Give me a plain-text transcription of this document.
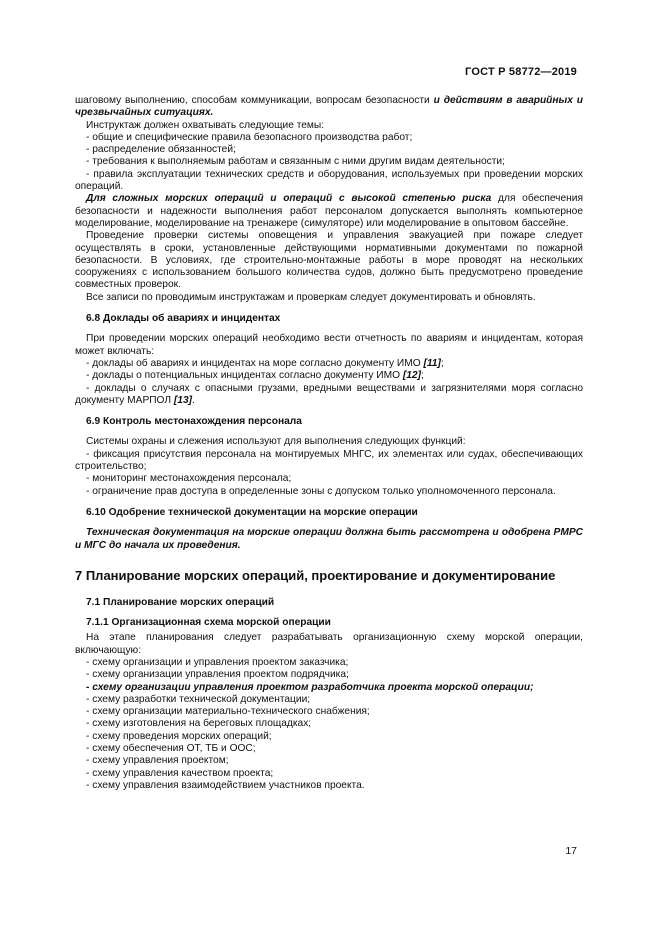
ГОСТ Р 58772—2019

шаговому выполнению, способам коммуникации, вопросам безопасности и действиям в аварийных и чрезвычайных ситуациях.

Инструктаж должен охватывать следующие темы:

- общие и специфические правила безопасного производства работ;

- распределение обязанностей;

- требования к выполняемым работам и связанным с ними другим видам деятельности;

- правила эксплуатации технических средств и оборудования, используемых при проведении морских операций.

Для сложных морских операций и операций с высокой степенью риска для обеспечения безопасности и надежности выполнения работ персоналом допускается выполнять компьютерное моделирование, моделирование на тренажере (симуляторе) или моделирование в опытовом бассейне.

Проведение проверки системы оповещения и управления эвакуацией при пожаре следует осуществлять в сроки, установленные действующими нормативными документами по пожарной безопасности. В условиях, где строительно-монтажные работы в море проводят на нескольких сооружениях с использованием большого количества судов, должно быть предусмотрено проведение совместных проверок.

Все записи по проводимым инструктажам и проверкам следует документировать и обновлять.

6.8 Доклады об авариях и инцидентах

При проведении морских операций необходимо вести отчетность по авариям и инцидентам, которая может включать:

- доклады об авариях и инцидентах на море согласно документу ИМО [11];

- доклады о потенциальных инцидентах согласно документу ИМО [12];

- доклады о случаях с опасными грузами, вредными веществами и загрязнителями моря согласно документу МАРПОЛ [13].

6.9 Контроль местонахождения персонала

Системы охраны и слежения используют для выполнения следующих функций:

- фиксация присутствия персонала на монтируемых МНГС, их элементах или судах, обеспечивающих строительство;

- мониторинг местонахождения персонала;

- ограничение прав доступа в определенные зоны с допуском только уполномоченного персонала.

6.10 Одобрение технической документации на морские операции

Техническая документация на морские операции должна быть рассмотрена и одобрена РМРС и МГС до начала их проведения.

7 Планирование морских операций, проектирование и документирование

7.1 Планирование морских операций

7.1.1 Организационная схема морской операции

На этапе планирования следует разрабатывать организационную схему морской операции, включающую:

- схему организации и управления проектом заказчика;

- схему организации управления проектом подрядчика;

- схему организации управления проектом разработчика проекта морской операции;

- схему разработки технической документации;

- схему организации материально-технического снабжения;

- схему изготовления на береговых площадках;

- схему проведения морских операций;

- схему обеспечения ОТ, ТБ и ООС;

- схему управления проектом;

- схему управления качеством проекта;

- схему управления взаимодействием участников проекта.

17
